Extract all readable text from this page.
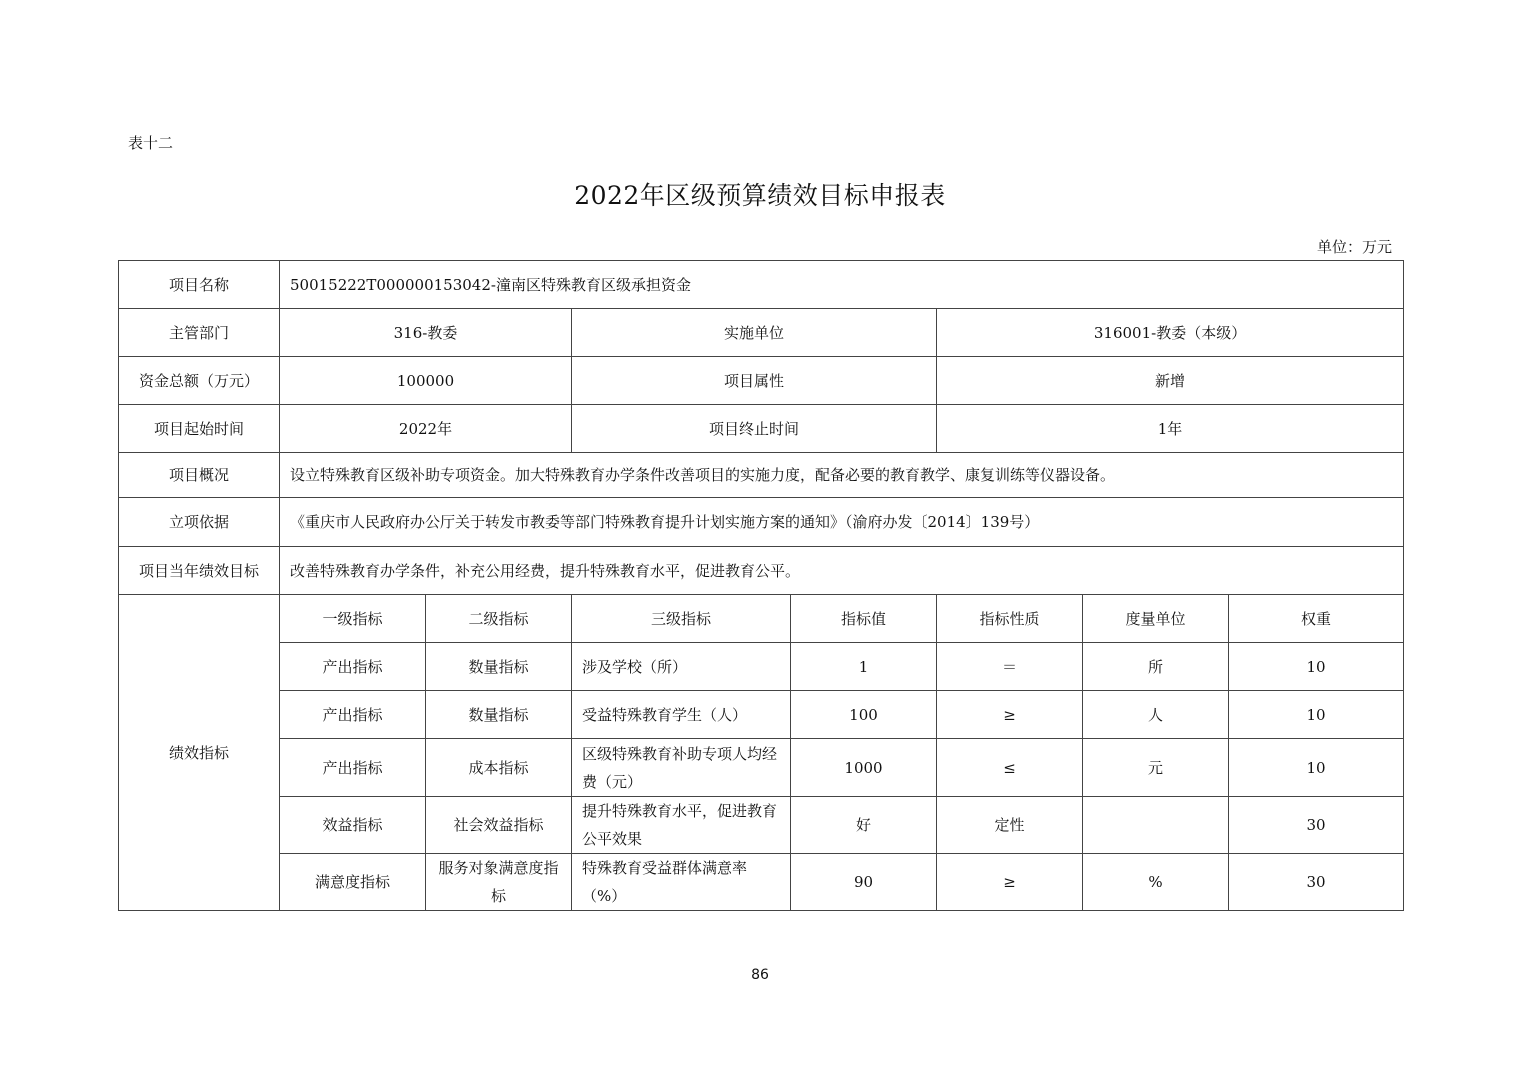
表十二
2022年区级预算绩效目标申报表
单位：万元
项目名称	50015222T000000153042-潼南区特殊教育区级承担资金						
主管部门	316-教委		实施单位		316001-教委（本级）		
资金总额（万元）	100000		项目属性		新增		
项目起始时间	2022年		项目终止时间		1年		
项目概况	设立特殊教育区级补助专项资金。加大特殊教育办学条件改善项目的实施力度，配备必要的教育教学、康复训练等仪器设备。						
立项依据	《重庆市人民政府办公厅关于转发市教委等部门特殊教育提升计划实施方案的通知》（渝府办发〔2014〕139号）						
项目当年绩效目标	改善特殊教育办学条件，补充公用经费，提升特殊教育水平，促进教育公平。						
绩效指标	一级指标	二级指标	三级指标	指标值	指标性质	度量单位	权重
	产出指标	数量指标	涉及学校（所）	1	＝	所	10
	产出指标	数量指标	受益特殊教育学生（人）	100	≥	人	10
	产出指标	成本指标	区级特殊教育补助专项人均经费（元）	1000	≤	元	10
	效益指标	社会效益指标	提升特殊教育水平，促进教育公平效果	好	定性		30
	满意度指标	服务对象满意度指标	特殊教育受益群体满意率（%）	90	≥	%	30
86
